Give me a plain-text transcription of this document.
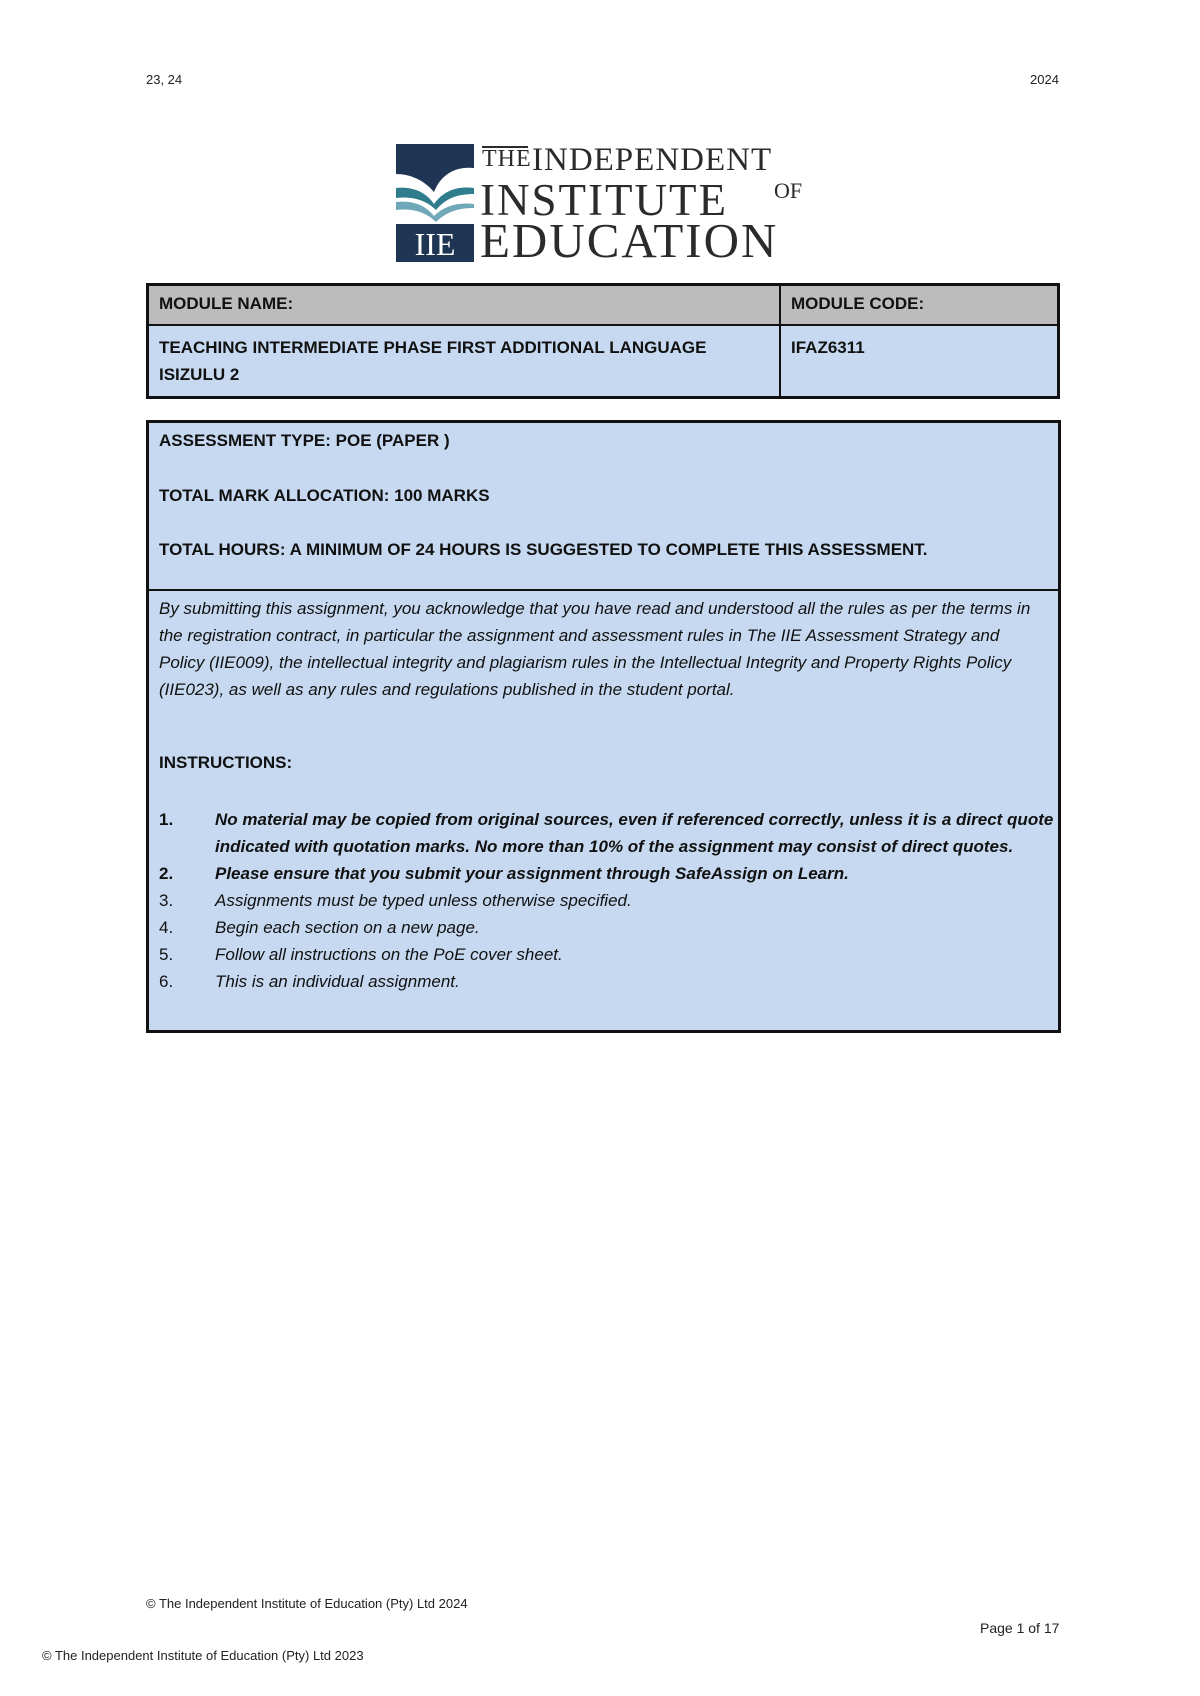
23, 24	2024
IIE
THE INDEPENDENT
INSTITUTE OF
EDUCATION
MODULE NAME:	MODULE CODE:
TEACHING INTERMEDIATE PHASE FIRST ADDITIONAL LANGUAGE ISIZULU 2	IFAZ6311
ASSESSMENT TYPE: POE (PAPER )
TOTAL MARK ALLOCATION: 100 MARKS
TOTAL HOURS: A MINIMUM OF 24 HOURS IS SUGGESTED TO COMPLETE THIS ASSESSMENT.
By submitting this assignment, you acknowledge that you have read and understood all the rules as per the terms in the registration contract, in particular the assignment and assessment rules in The IIE Assessment Strategy and Policy (IIE009), the intellectual integrity and plagiarism rules in the Intellectual Integrity and Property Rights Policy (IIE023), as well as any rules and regulations published in the student portal.
INSTRUCTIONS:
1. No material may be copied from original sources, even if referenced correctly, unless it is a direct quote indicated with quotation marks. No more than 10% of the assignment may consist of direct quotes.
2. Please ensure that you submit your assignment through SafeAssign on Learn.
3. Assignments must be typed unless otherwise specified.
4. Begin each section on a new page.
5. Follow all instructions on the PoE cover sheet.
6. This is an individual assignment.
© The Independent Institute of Education (Pty) Ltd 2024
Page 1 of 17
© The Independent Institute of Education (Pty) Ltd 2023
